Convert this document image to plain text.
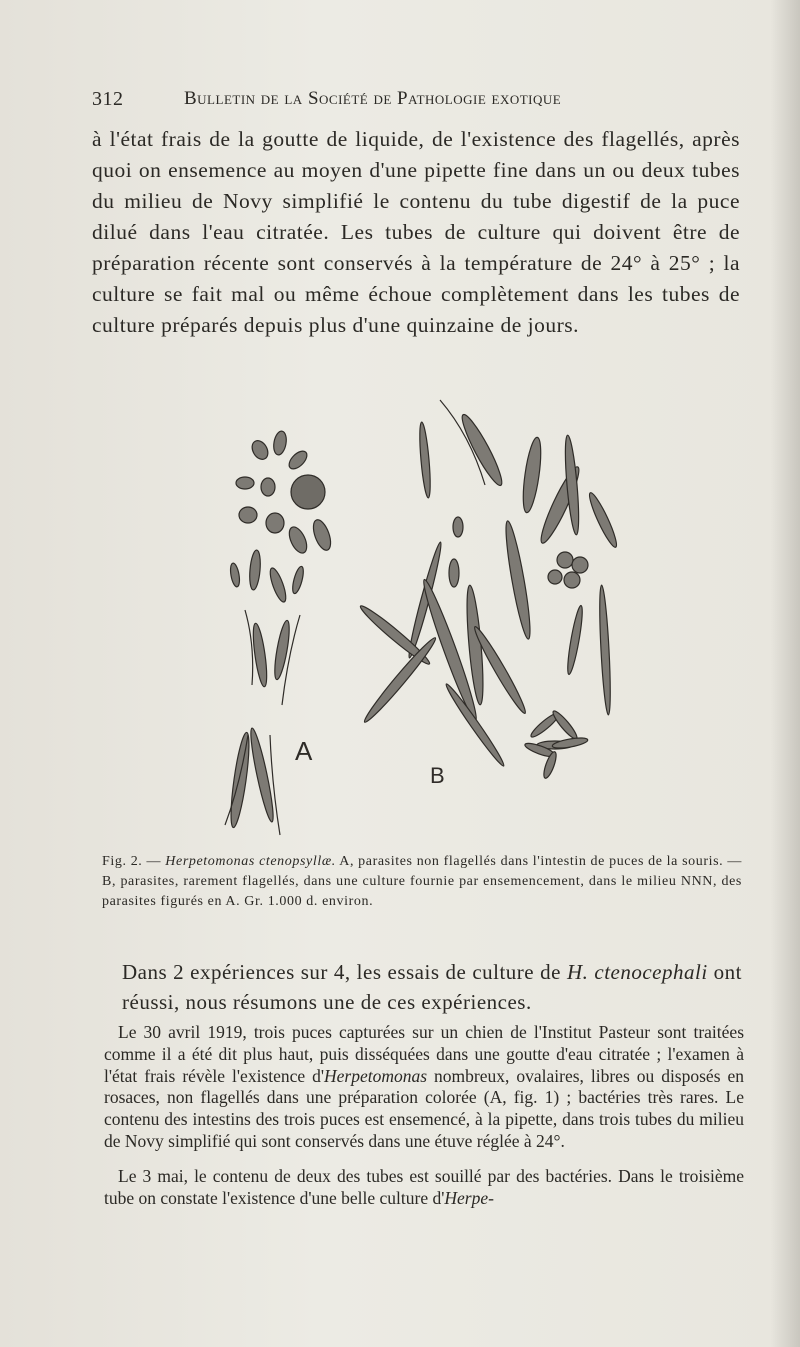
312	Bulletin de la Société de Pathologie exotique

à l'état frais de la goutte de liquide, de l'existence des flagellés, après quoi on ensemence au moyen d'une pipette fine dans un ou deux tubes du milieu de Novy simplifié le contenu du tube digestif de la puce dilué dans l'eau citratée. Les tubes de culture qui doivent être de préparation récente sont conservés à la température de 24° à 25° ; la culture se fait mal ou même échoue complètement dans les tubes de culture préparés depuis plus d'une quinzaine de jours.

A
B

Fig. 2. — Herpetomonas ctenopsyllæ. A, parasites non flagellés dans l'intestin de puces de la souris. — B, parasites, rarement flagellés, dans une culture fournie par ensemencement, dans le milieu NNN, des parasites figurés en A. Gr. 1.000 d. environ.

Dans 2 expériences sur 4, les essais de culture de H. ctenocephali ont réussi, nous résumons une de ces expériences.

Le 30 avril 1919, trois puces capturées sur un chien de l'Institut Pasteur sont traitées comme il a été dit plus haut, puis disséquées dans une goutte d'eau citratée ; l'examen à l'état frais révèle l'existence d'Herpetomonas nombreux, ovalaires, libres ou disposés en rosaces, non flagellés dans une préparation colorée (A, fig. 1) ; bactéries très rares. Le contenu des intestins des trois puces est ensemencé, à la pipette, dans trois tubes du milieu de Novy simplifié qui sont conservés dans une étuve réglée à 24°.

Le 3 mai, le contenu de deux des tubes est souillé par des bactéries. Dans le troisième tube on constate l'existence d'une belle culture d'Herpe-
